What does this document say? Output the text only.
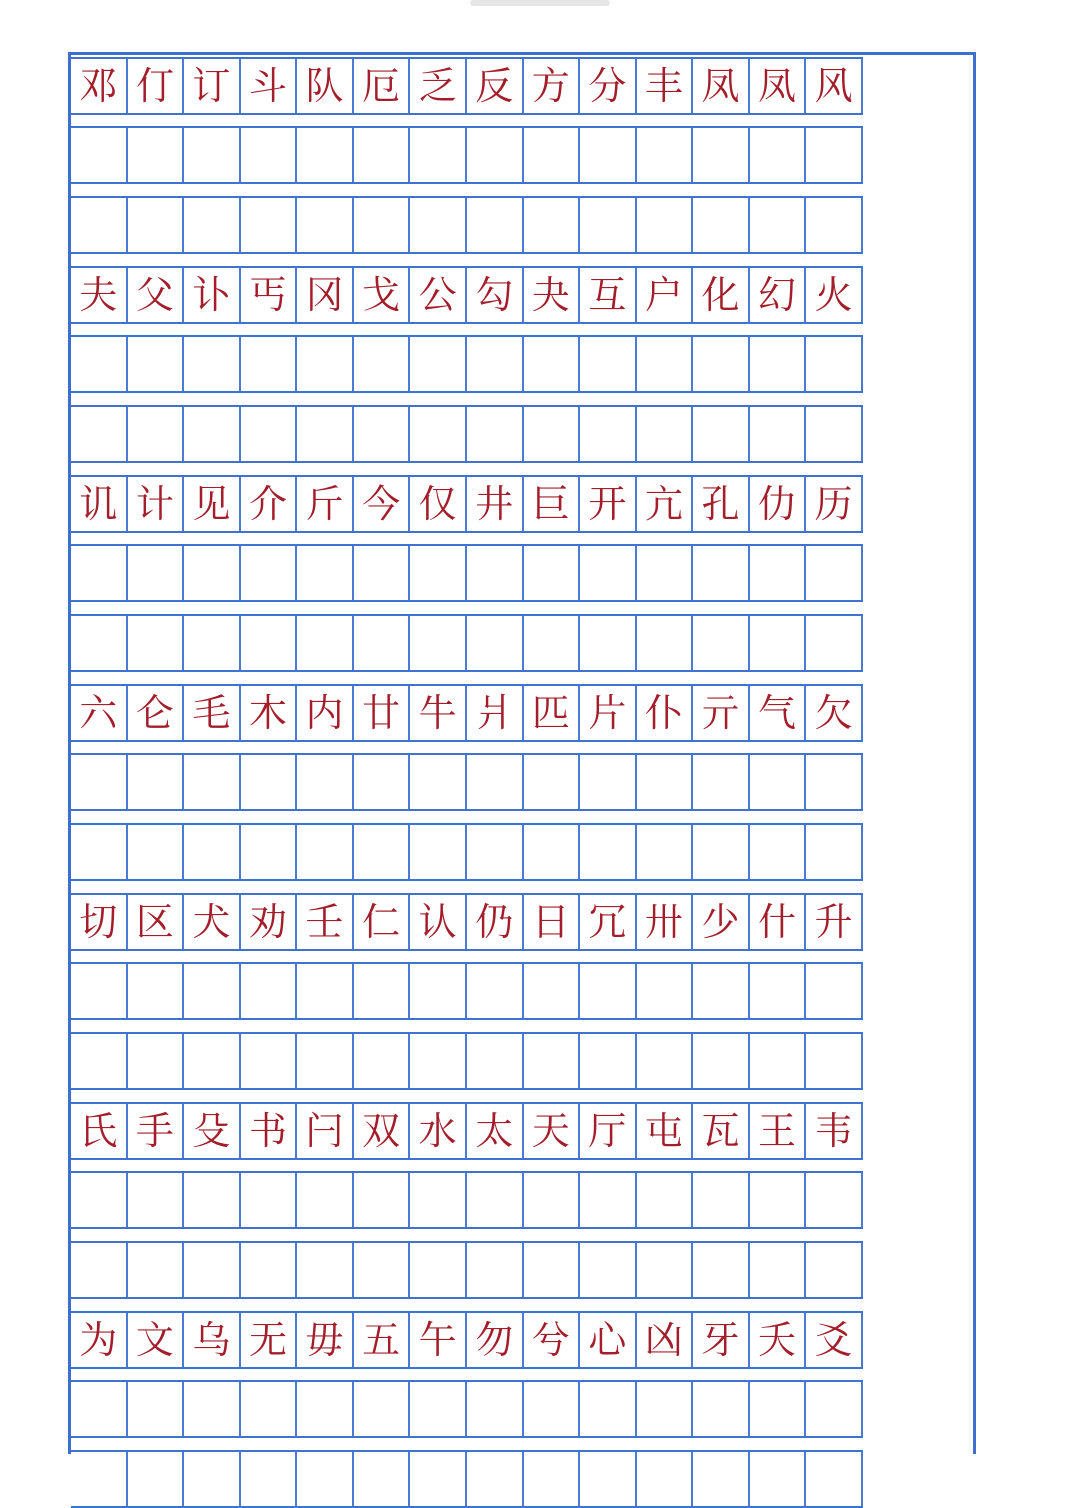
邓 仃 订 斗 队 厄 乏 反 方 分 丰 凤 凤 风
夫 父 讣 丐 冈 戈 公 勾 夬 互 户 化 幻 火
讥 计 见 介 斤 今 仅 井 巨 开 亢 孔 仂 历
六 仑 毛 木 内 廿 牛 爿 匹 片 仆 亓 气 欠
切 区 犬 劝 壬 仁 认 仍 日 冗 卅 少 什 升
氏 手 殳 书 闩 双 水 太 天 厅 屯 瓦 王 韦
为 文 乌 无 毋 五 午 勿 兮 心 凶 牙 夭 爻
